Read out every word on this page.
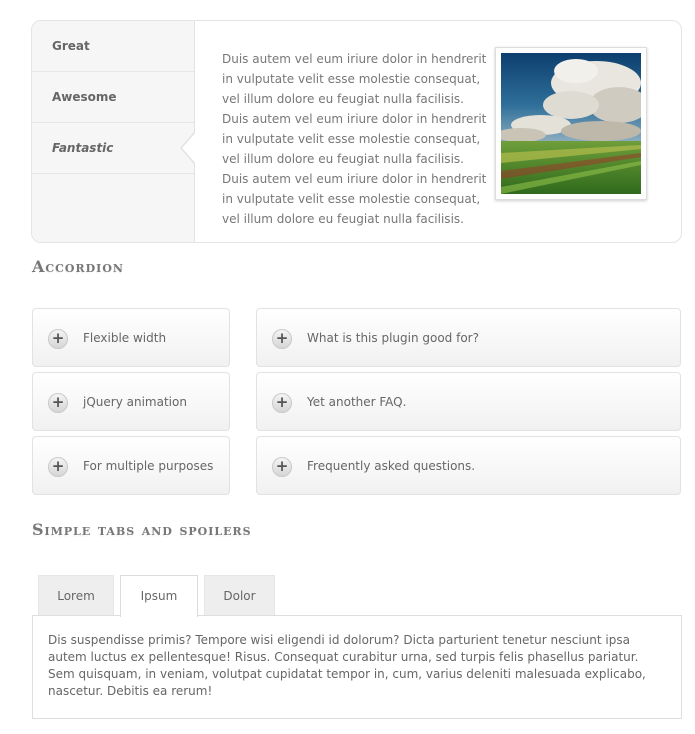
Great
Awesome
Fantastic
Duis autem vel eum iriure dolor in hendrerit in vulputate velit esse molestie consequat, vel illum dolore eu feugiat nulla facilisis. Duis autem vel eum iriure dolor in hendrerit in vulputate velit esse molestie consequat, vel illum dolore eu feugiat nulla facilisis. Duis autem vel eum iriure dolor in hendrerit in vulputate velit esse molestie consequat, vel illum dolore eu feugiat nulla facilisis.
Accordion
+	Flexible width
+	jQuery animation
+	For multiple purposes
+	What is this plugin good for?
+	Yet another FAQ.
+	Frequently asked questions.
Simple tabs and spoilers
Lorem	Ipsum	Dolor
Dis suspendisse primis? Tempore wisi eligendi id dolorum? Dicta parturient tenetur nesciunt ipsa autem luctus ex pellentesque! Risus. Consequat curabitur urna, sed turpis felis phasellus pariatur. Sem quisquam, in veniam, volutpat cupidatat tempor in, cum, varius deleniti malesuada explicabo, nascetur. Debitis ea rerum!
